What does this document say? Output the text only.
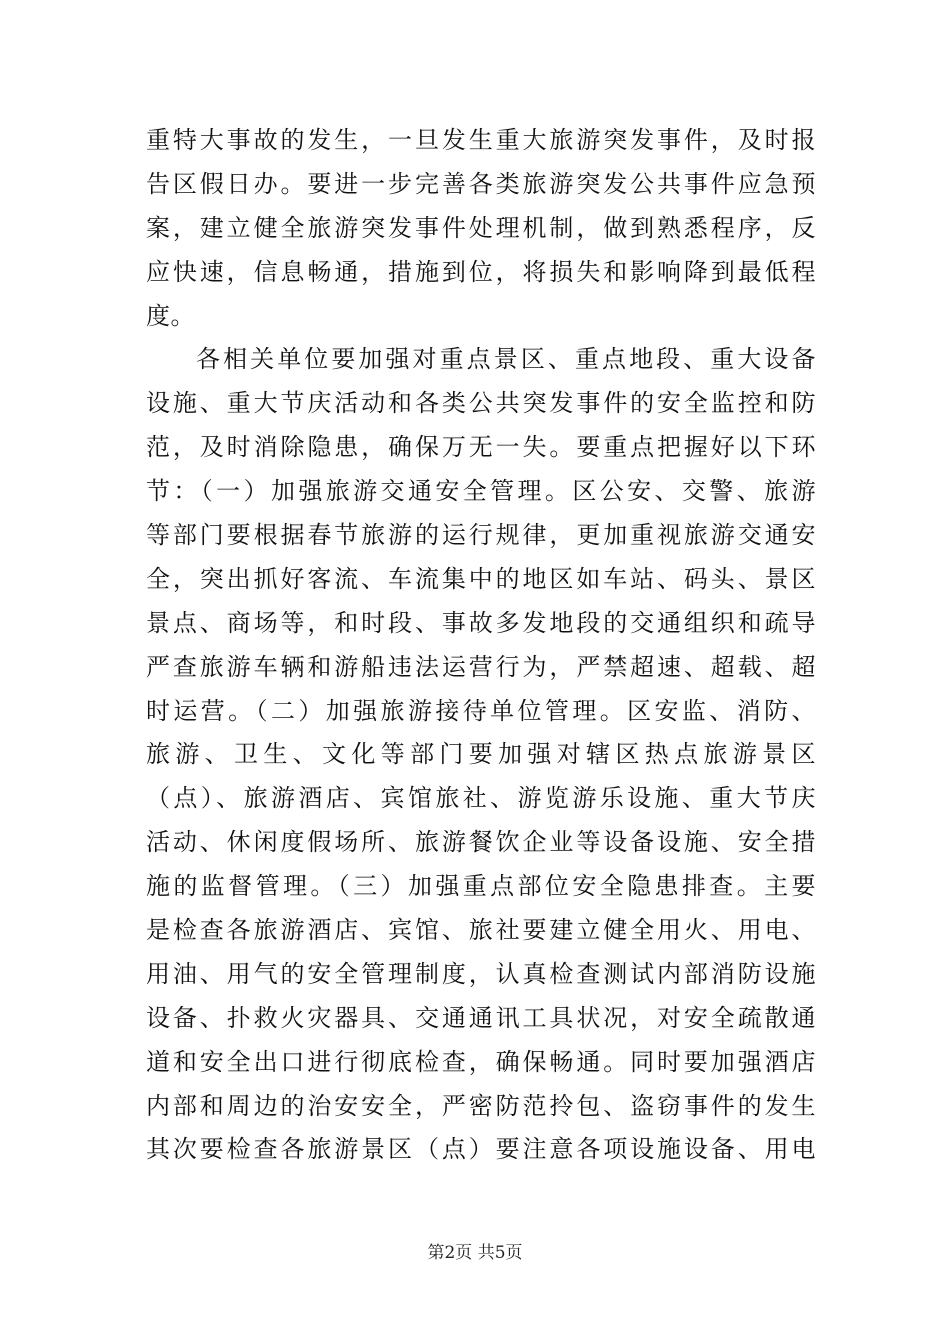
重特大事故的发生，一旦发生重大旅游突发事件，及时报
告区假日办。要进一步完善各类旅游突发公共事件应急预
案，建立健全旅游突发事件处理机制，做到熟悉程序，反
应快速，信息畅通，措施到位，将损失和影响降到最低程
度。
各相关单位要加强对重点景区、重点地段、重大设备
设施、重大节庆活动和各类公共突发事件的安全监控和防
范，及时消除隐患，确保万无一失。要重点把握好以下环
节：（一）加强旅游交通安全管理。区公安、交警、旅游
等部门要根据春节旅游的运行规律，更加重视旅游交通安
全，突出抓好客流、车流集中的地区如车站、码头、景区
景点、商场等，和时段、事故多发地段的交通组织和疏导
严查旅游车辆和游船违法运营行为，严禁超速、超载、超
时运营。（二）加强旅游接待单位管理。区安监、消防、
旅游、卫生、文化等部门要加强对辖区热点旅游景区
（点）、旅游酒店、宾馆旅社、游览游乐设施、重大节庆
活动、休闲度假场所、旅游餐饮企业等设备设施、安全措
施的监督管理。（三）加强重点部位安全隐患排查。主要
是检查各旅游酒店、宾馆、旅社要建立健全用火、用电、
用油、用气的安全管理制度，认真检查测试内部消防设施
设备、扑救火灾器具、交通通讯工具状况，对安全疏散通
道和安全出口进行彻底检查，确保畅通。同时要加强酒店
内部和周边的治安安全，严密防范拎包、盗窃事件的发生
其次要检查各旅游景区（点）要注意各项设施设备、用电
第2页 共5页
